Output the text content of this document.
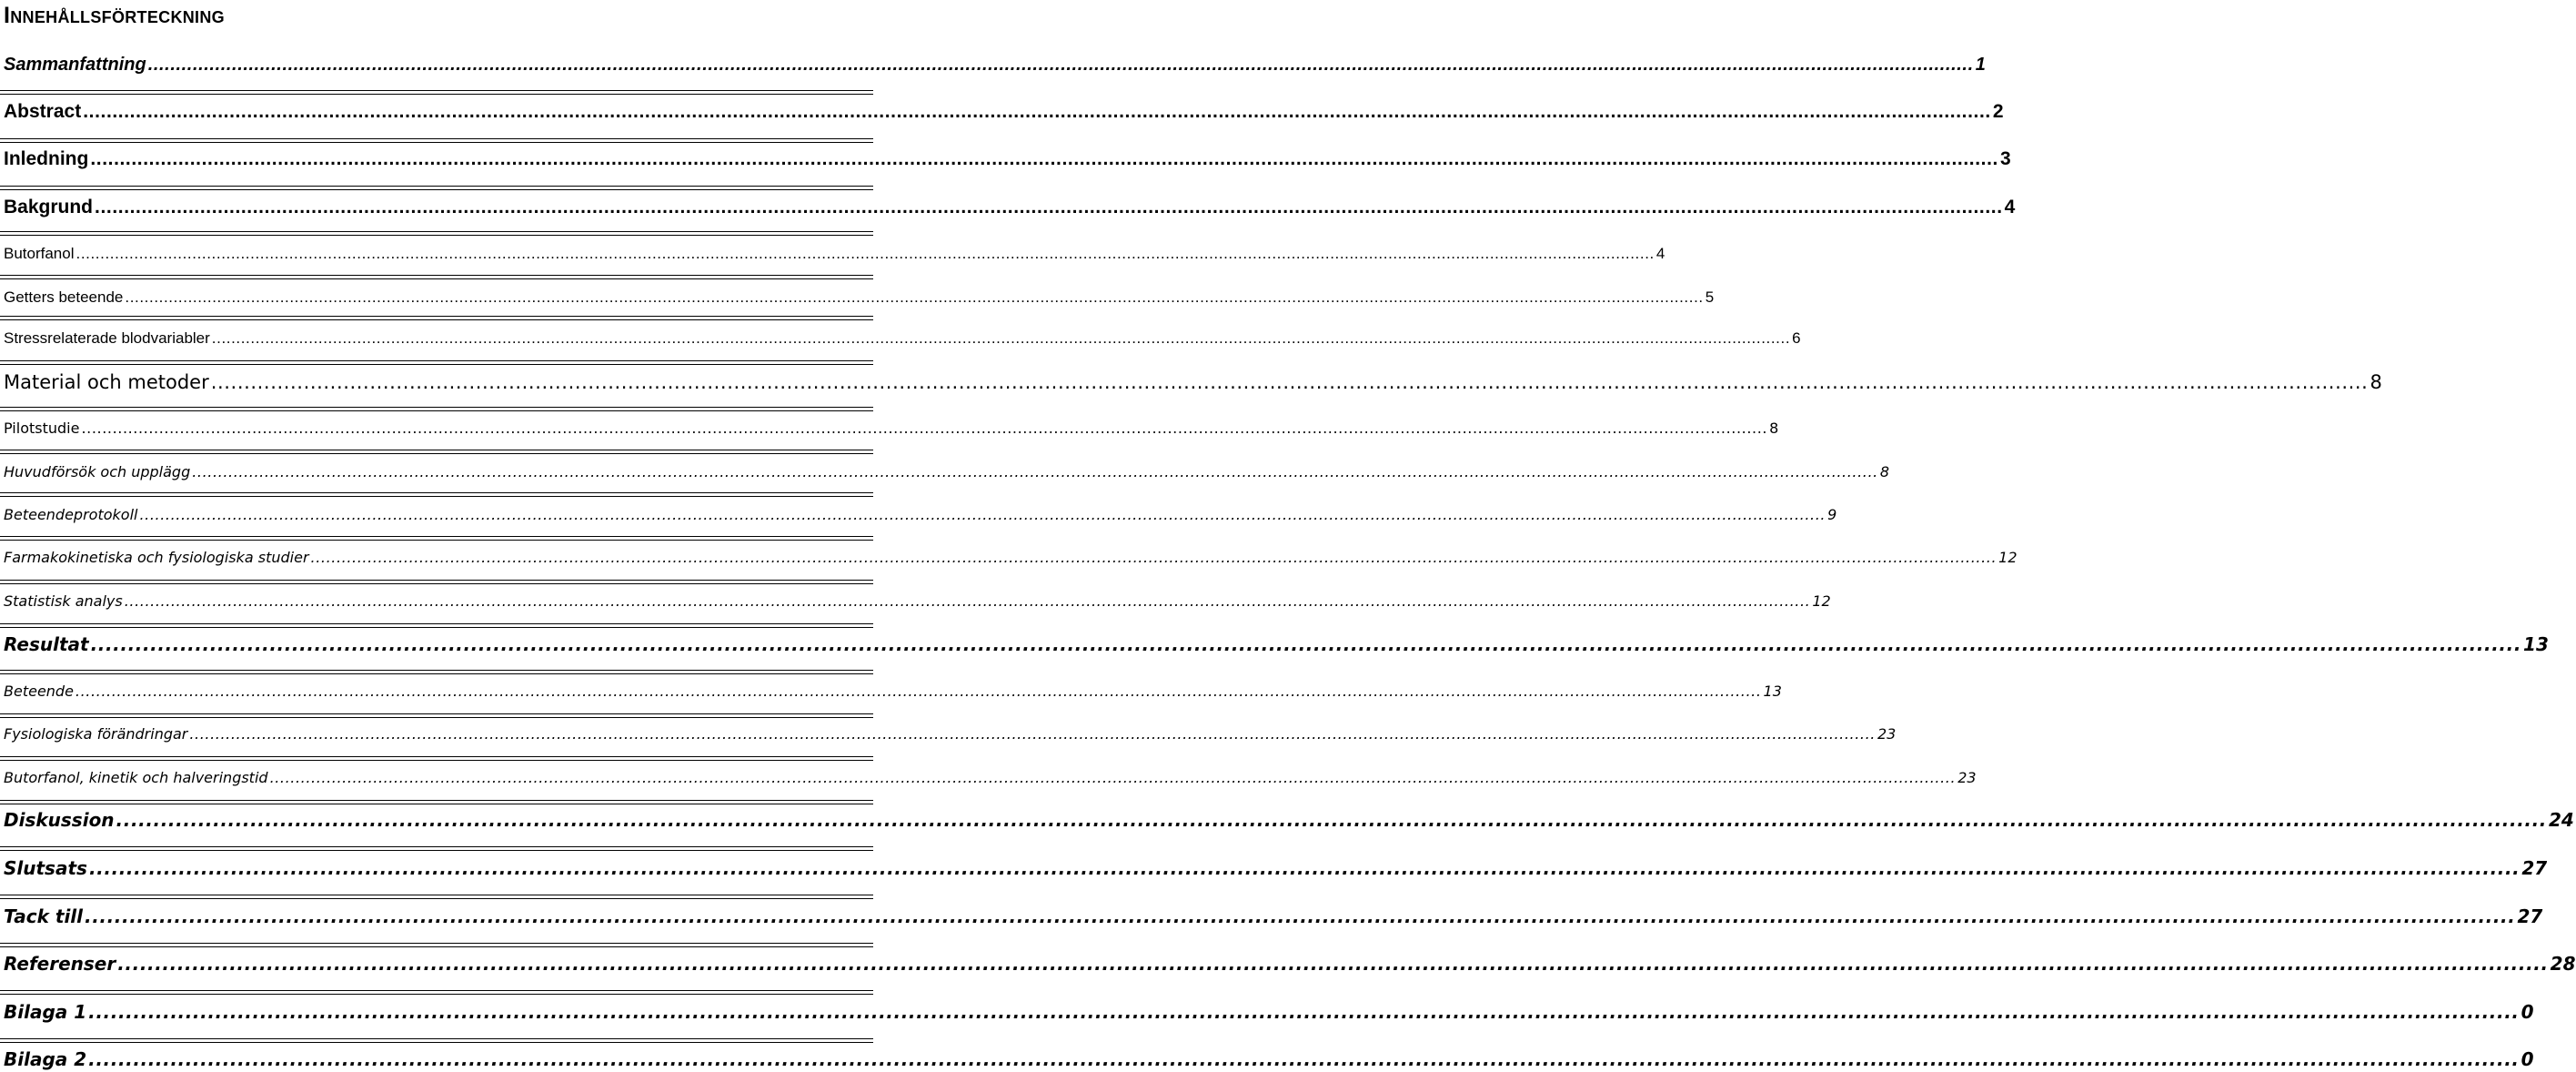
Innehållsförteckning
Sammanfattning ...................................................................................................................................................................................................................................................................................................................................... 1
Abstract ...................................................................................................................................................................................................................................................................................................................................... 2
Inledning ...................................................................................................................................................................................................................................................................................................................................... 3
Bakgrund ...................................................................................................................................................................................................................................................................................................................................... 4
Butorfanol ...................................................................................................................................................................................................................................................................................................................................... 4
Getters beteende ...................................................................................................................................................................................................................................................................................................................................... 5
Stressrelaterade blodvariabler ...................................................................................................................................................................................................................................................................................................................................... 6
Material och metoder ...................................................................................................................................................................................................................................................................................................................................... 8
Pilotstudie ...................................................................................................................................................................................................................................................................................................................................... 8
Huvudförsök och upplägg ...................................................................................................................................................................................................................................................................................................................................... 8
Beteendeprotokoll ...................................................................................................................................................................................................................................................................................................................................... 9
Farmakokinetiska och fysiologiska studier ...................................................................................................................................................................................................................................................................................................................................... 12
Statistisk analys ...................................................................................................................................................................................................................................................................................................................................... 12
Resultat ...................................................................................................................................................................................................................................................................................................................................... 13
Beteende ...................................................................................................................................................................................................................................................................................................................................... 13
Fysiologiska förändringar ...................................................................................................................................................................................................................................................................................................................................... 23
Butorfanol, kinetik och halveringstid ...................................................................................................................................................................................................................................................................................................................................... 23
Diskussion ...................................................................................................................................................................................................................................................................................................................................... 24
Slutsats ...................................................................................................................................................................................................................................................................................................................................... 27
Tack till ...................................................................................................................................................................................................................................................................................................................................... 27
Referenser ...................................................................................................................................................................................................................................................................................................................................... 28
Bilaga 1 ...................................................................................................................................................................................................................................................................................................................................... 0
Bilaga 2 ...................................................................................................................................................................................................................................................................................................................................... 0
